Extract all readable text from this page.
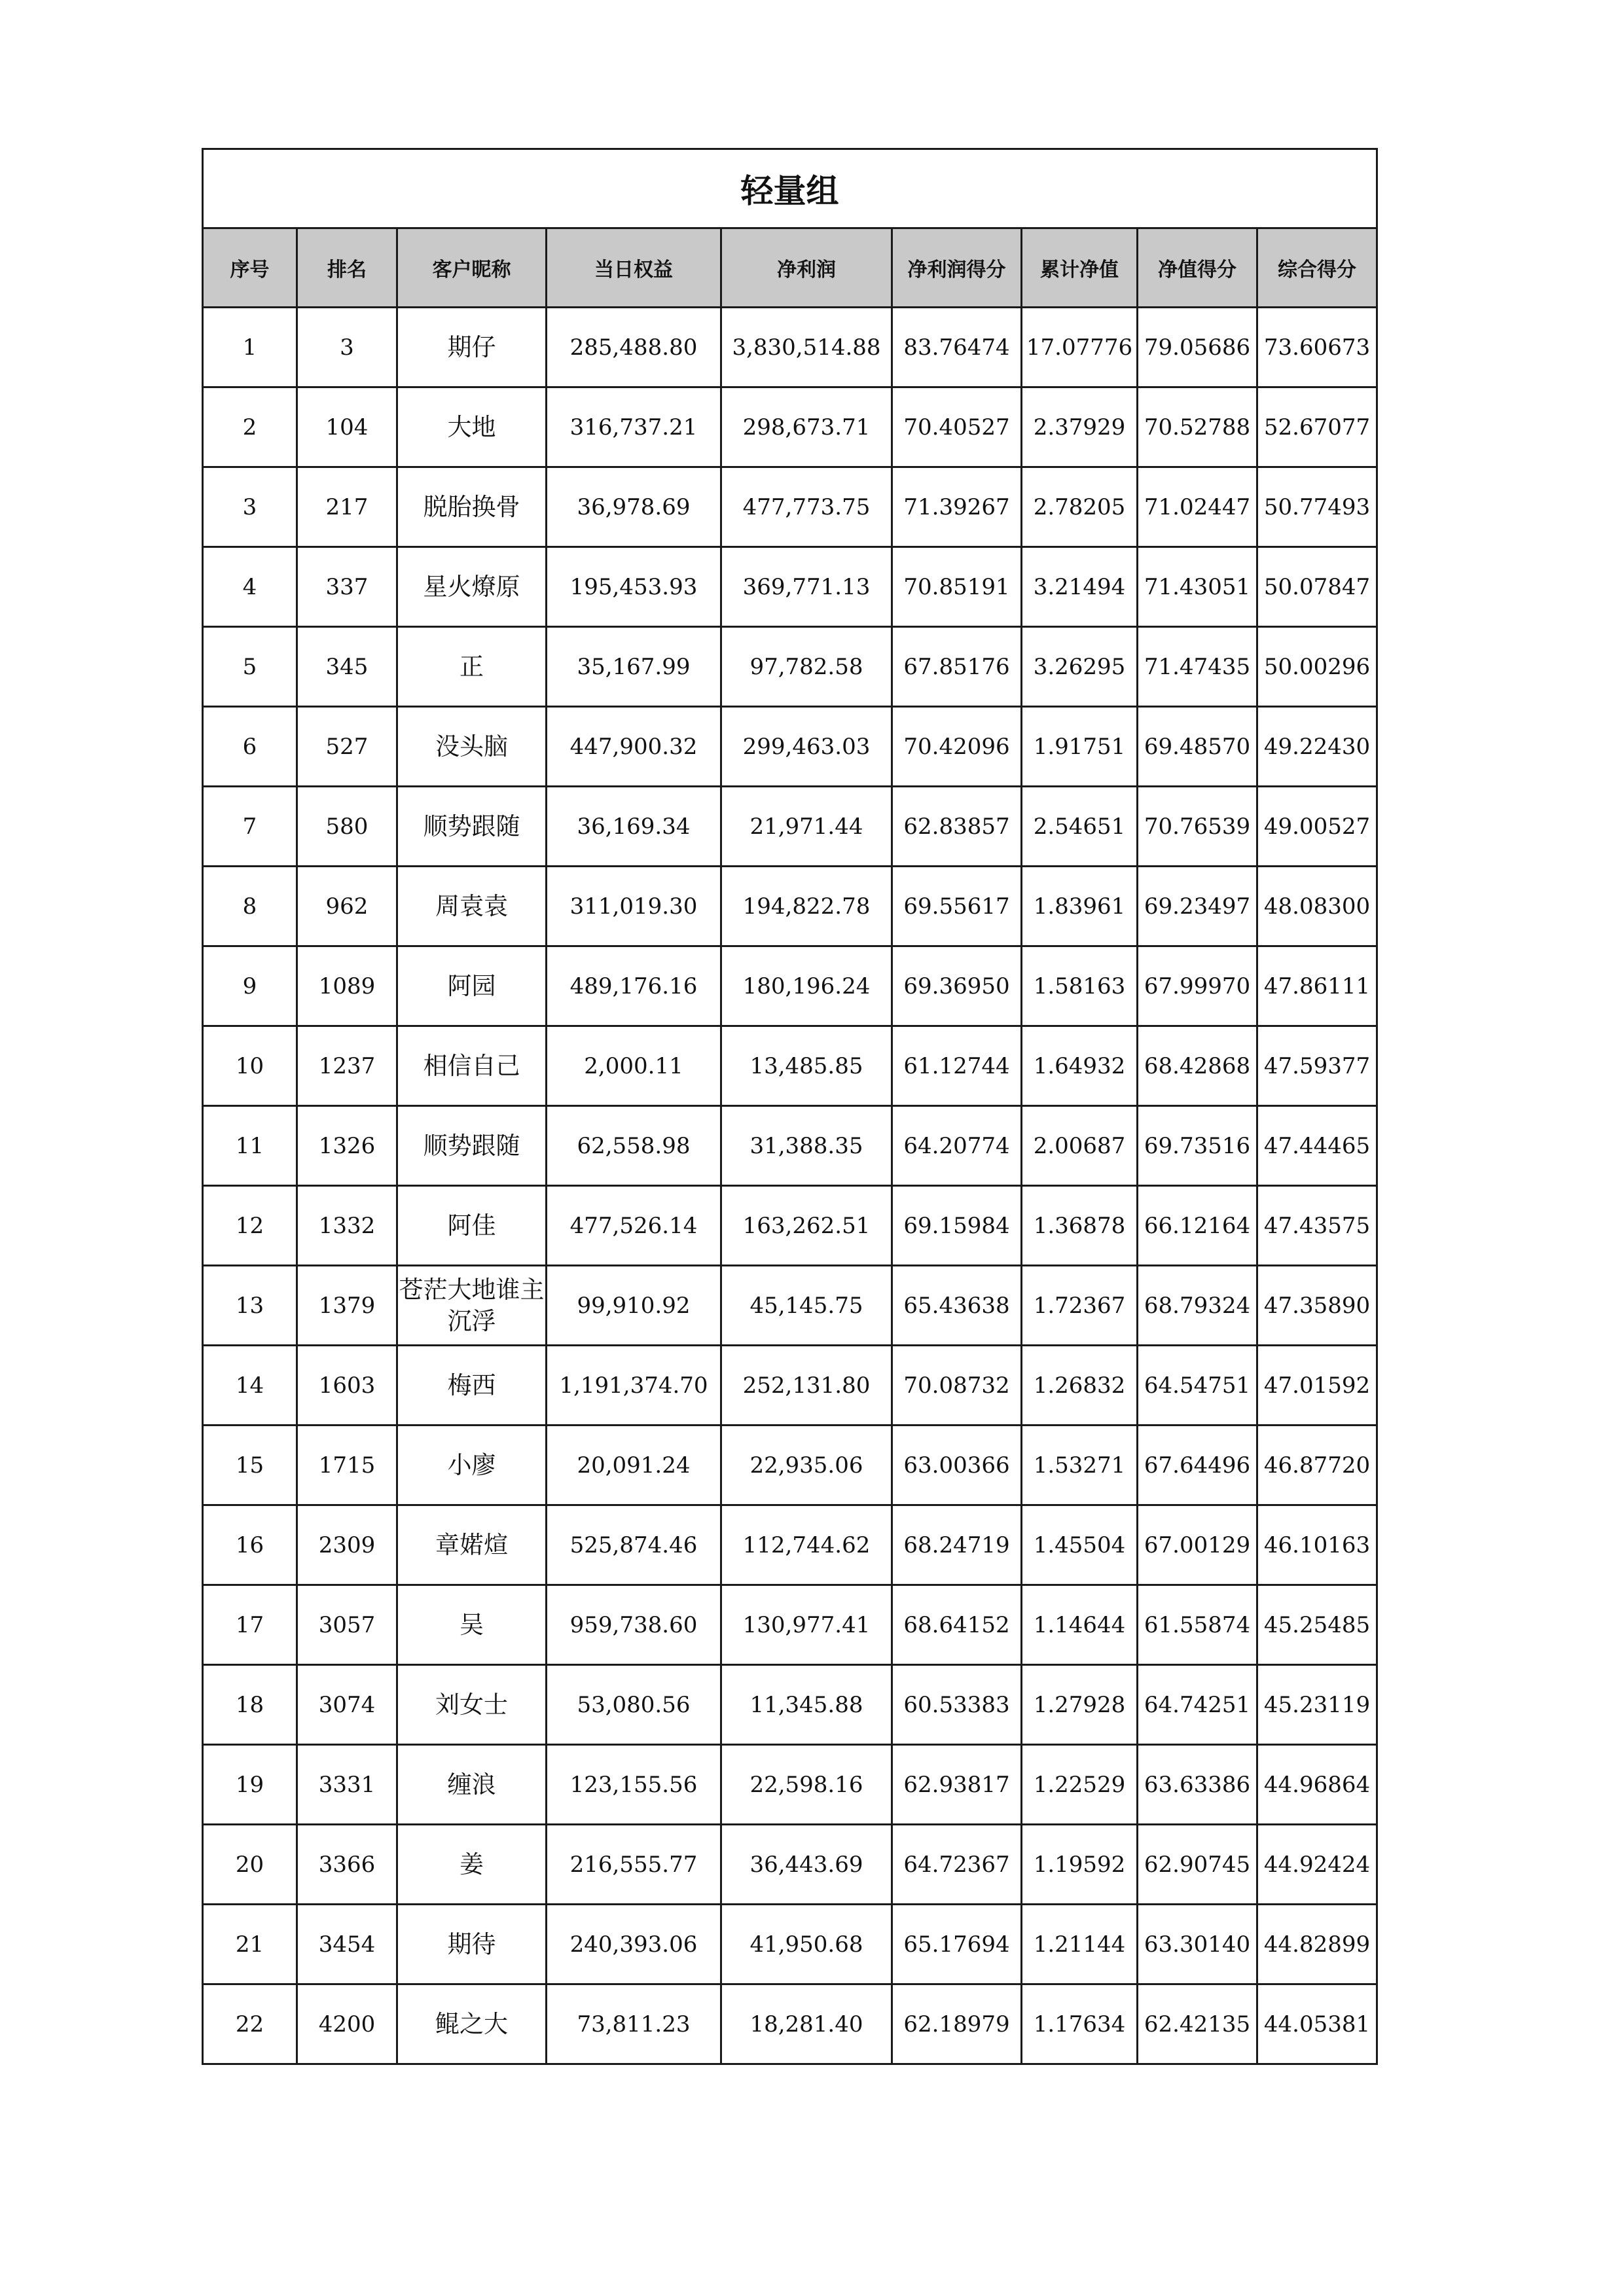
轻量组								
序号	排名	客户昵称	当日权益	净利润	净利润得分	累计净值	净值得分	综合得分
1	3	期仔	285,488.80	3,830,514.88	83.76474	17.07776	79.05686	73.60673
2	104	大地	316,737.21	298,673.71	70.40527	2.37929	70.52788	52.67077
3	217	脱胎换骨	36,978.69	477,773.75	71.39267	2.78205	71.02447	50.77493
4	337	星火燎原	195,453.93	369,771.13	70.85191	3.21494	71.43051	50.07847
5	345	正	35,167.99	97,782.58	67.85176	3.26295	71.47435	50.00296
6	527	没头脑	447,900.32	299,463.03	70.42096	1.91751	69.48570	49.22430
7	580	顺势跟随	36,169.34	21,971.44	62.83857	2.54651	70.76539	49.00527
8	962	周袁袁	311,019.30	194,822.78	69.55617	1.83961	69.23497	48.08300
9	1089	阿园	489,176.16	180,196.24	69.36950	1.58163	67.99970	47.86111
10	1237	相信自己	2,000.11	13,485.85	61.12744	1.64932	68.42868	47.59377
11	1326	顺势跟随	62,558.98	31,388.35	64.20774	2.00687	69.73516	47.44465
12	1332	阿佳	477,526.14	163,262.51	69.15984	1.36878	66.12164	47.43575
13	1379	苍茫大地谁主沉浮	99,910.92	45,145.75	65.43638	1.72367	68.79324	47.35890
14	1603	梅西	1,191,374.70	252,131.80	70.08732	1.26832	64.54751	47.01592
15	1715	小廖	20,091.24	22,935.06	63.00366	1.53271	67.64496	46.87720
16	2309	章婼煊	525,874.46	112,744.62	68.24719	1.45504	67.00129	46.10163
17	3057	吴	959,738.60	130,977.41	68.64152	1.14644	61.55874	45.25485
18	3074	刘女士	53,080.56	11,345.88	60.53383	1.27928	64.74251	45.23119
19	3331	缠浪	123,155.56	22,598.16	62.93817	1.22529	63.63386	44.96864
20	3366	姜	216,555.77	36,443.69	64.72367	1.19592	62.90745	44.92424
21	3454	期待	240,393.06	41,950.68	65.17694	1.21144	63.30140	44.82899
22	4200	鲲之大	73,811.23	18,281.40	62.18979	1.17634	62.42135	44.05381
